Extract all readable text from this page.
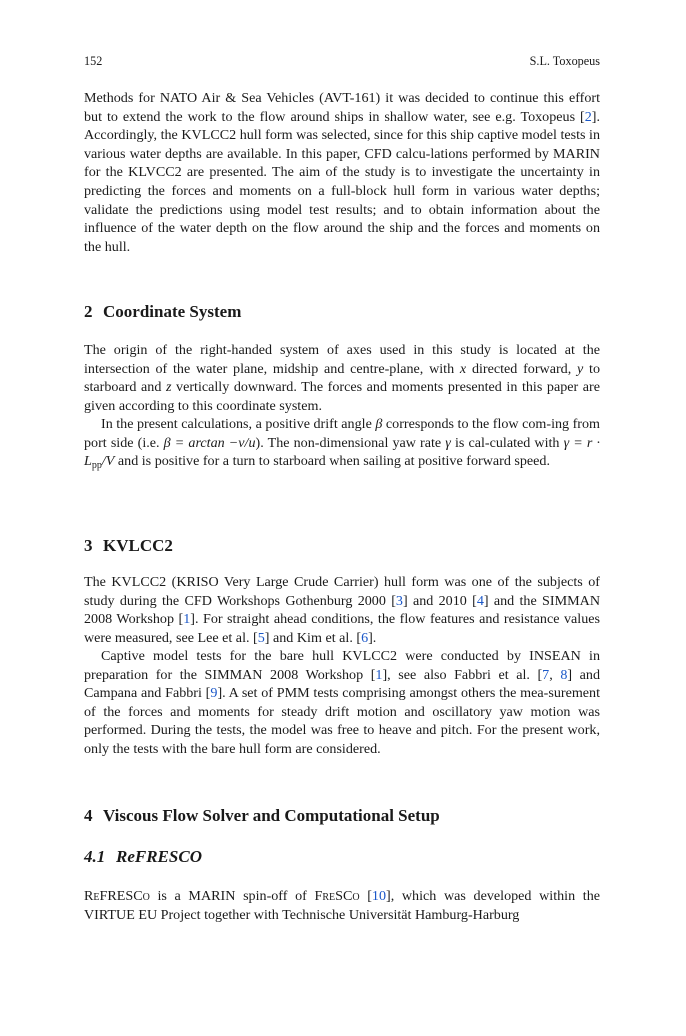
152	S.L. Toxopeus
Methods for NATO Air & Sea Vehicles (AVT-161) it was decided to continue this effort but to extend the work to the flow around ships in shallow water, see e.g. Toxopeus [2]. Accordingly, the KVLCC2 hull form was selected, since for this ship captive model tests in various water depths are available. In this paper, CFD calcu-lations performed by MARIN for the KLVCC2 are presented. The aim of the study is to investigate the uncertainty in predicting the forces and moments on a full-block hull form in various water depths; validate the predictions using model test results; and to obtain information about the influence of the water depth on the flow around the ship and the forces and moments on the hull.
2 Coordinate System
The origin of the right-handed system of axes used in this study is located at the intersection of the water plane, midship and centre-plane, with x directed forward, y to starboard and z vertically downward. The forces and moments presented in this paper are given according to this coordinate system.
In the present calculations, a positive drift angle β corresponds to the flow com-ing from port side (i.e. β = arctan −v/u). The non-dimensional yaw rate γ is cal-culated with $\gamma = r \cdot L_{pp}/V$ and is positive for a turn to starboard when sailing at positive forward speed.
3 KVLCC2
The KVLCC2 (KRISO Very Large Crude Carrier) hull form was one of the subjects of study during the CFD Workshops Gothenburg 2000 [3] and 2010 [4] and the SIMMAN 2008 Workshop [1]. For straight ahead conditions, the flow features and resistance values were measured, see Lee et al. [5] and Kim et al. [6].
Captive model tests for the bare hull KVLCC2 were conducted by INSEAN in preparation for the SIMMAN 2008 Workshop [1], see also Fabbri et al. [7, 8] and Campana and Fabbri [9]. A set of PMM tests comprising amongst others the mea-surement of the forces and moments for steady drift motion and oscillatory yaw motion was performed. During the tests, the model was free to heave and pitch. For the present work, only the tests with the bare hull form are considered.
4 Viscous Flow Solver and Computational Setup
4.1 ReFRESCO
ReFRESCo is a MARIN spin-off of FreSCo [10], which was developed within the VIRTUE EU Project together with Technische Universität Hamburg-Harburg
